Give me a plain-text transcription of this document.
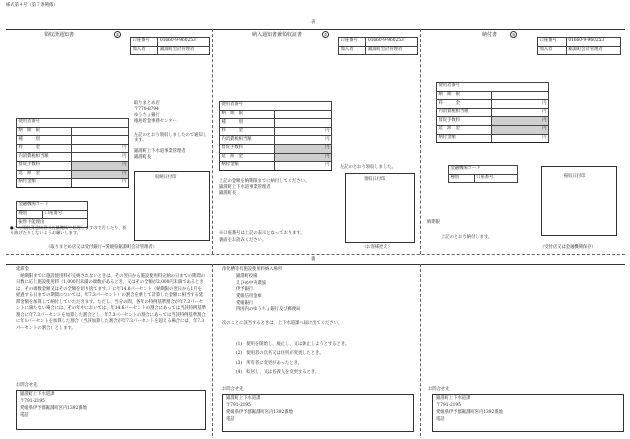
様式第４号（第７条関係）
表
領収済通知書	①
口座番号	01660-9-960253
加入者	鋸淵町会計管理者
使用者番号	
納　期　限	
種　　　別	
料　　　金	円
内消費税相当額	円
督促手数料	円
延　滞　金	円
納付金額	円
金融機関コード
種別	口座番号
振替不能理由
●この領収済通知書は店舗機械で処理しますので汚したり、折り曲げたりしないようお願いします。
（取りまとめ店又は受付銀行→愛媛県鋸淵町会計管理者）
取りまとめ店
〒770-8794
ゆうちょ銀行
徳島貯金事務センター
左記のとおり領収しましたので通知します。
鋸淵町上下水道事業管理者
鋸淵町長
収納日付印
納入通知書兼領収証書	②
口座番号	01660-9-960253
加入者	鋸淵町会計管理者
使用者番号	
納　期　限	
種　　　別	
料　　　金	円
内消費税相当額	円
督促手数料	円
延　滞　金	円
納付金額	円
上記の金額を納期限までに納付してください。
鋸淵町上下水道事業管理者
鋸淵町長
※口座番号は上記の表示となっております。
裏面をお読みください。
左記のとおり領収しました。
領収日付印
（お客様控え）
納付書	③
口座番号	01660-9-960253
加入者	鋸淵町会計管理者
使用者番号	
納　期　限	
料　　　金	円
内消費税相当額	円
督促手数料	円
延　滞　金	円
納付金額	円
金融機関コード
種別	口座番号	振収日付印
納期限
上記のとおり納付します。
（受付店又は金融機関保存）
裏
延滞金
　納期限までに施設使用料が完納されないときは、その翌日から施設使用料完納の日までの期間の日数に応じ施設使用料（1,000円未満の端数があるとき、又はその全額が2,000円未満であるときは、その端数金額又はその全額を切り捨てます。）に年14.6パーセント（納期限の翌日から1月を経過する日までの期間については、年7.3パーセント）の割合を乗じて計算した金額に相当する延滞金額を加算して納付していただきます。ただし、当分の間、各年の特例基準割合が年7.3パーセントに満たない場合には、その年中においては、年14.6パーセントの割合にあっては当該特例基準割合に年7.3パーセントを加算した割合とし、年7.3パーセントの割合にあっては当該特例基準割合に年1パーセントを加算した割合（当該加算した割合が年7.3パーセントを超える場合には、年7.3パーセントの割合）とします。
浄化槽等有施設使用料納入場所
鋸淵町役場
えひめ中央農協
伊予銀行
愛媛信用金庫
愛媛銀行
四国内のゆうちょ銀行及び郵便局
次のことに該当するときは、上下水道課へ届け出てください。
(1)　使用を開始し、廃止し、又は休止しようとするとき。
(2)　使用者の氏名又は住所が変更したとき。
(3)　所有者に変更があったとき。
(4)　転居し、又は名義人を変更するとき。
お問合せ先
鋸淵町上下水道課
〒791-2195
愛媛県伊予郡鋸淵町宮内1392番地
電話
お問合せ先
鋸淵町上下水道課
〒791-2195
愛媛県伊予郡鋸淵町宮内1392番地
電話
お問合せ先
鋸淵町上下水道課
〒791-2195
愛媛県伊予郡鋸淵町宮内1392番地
電話
